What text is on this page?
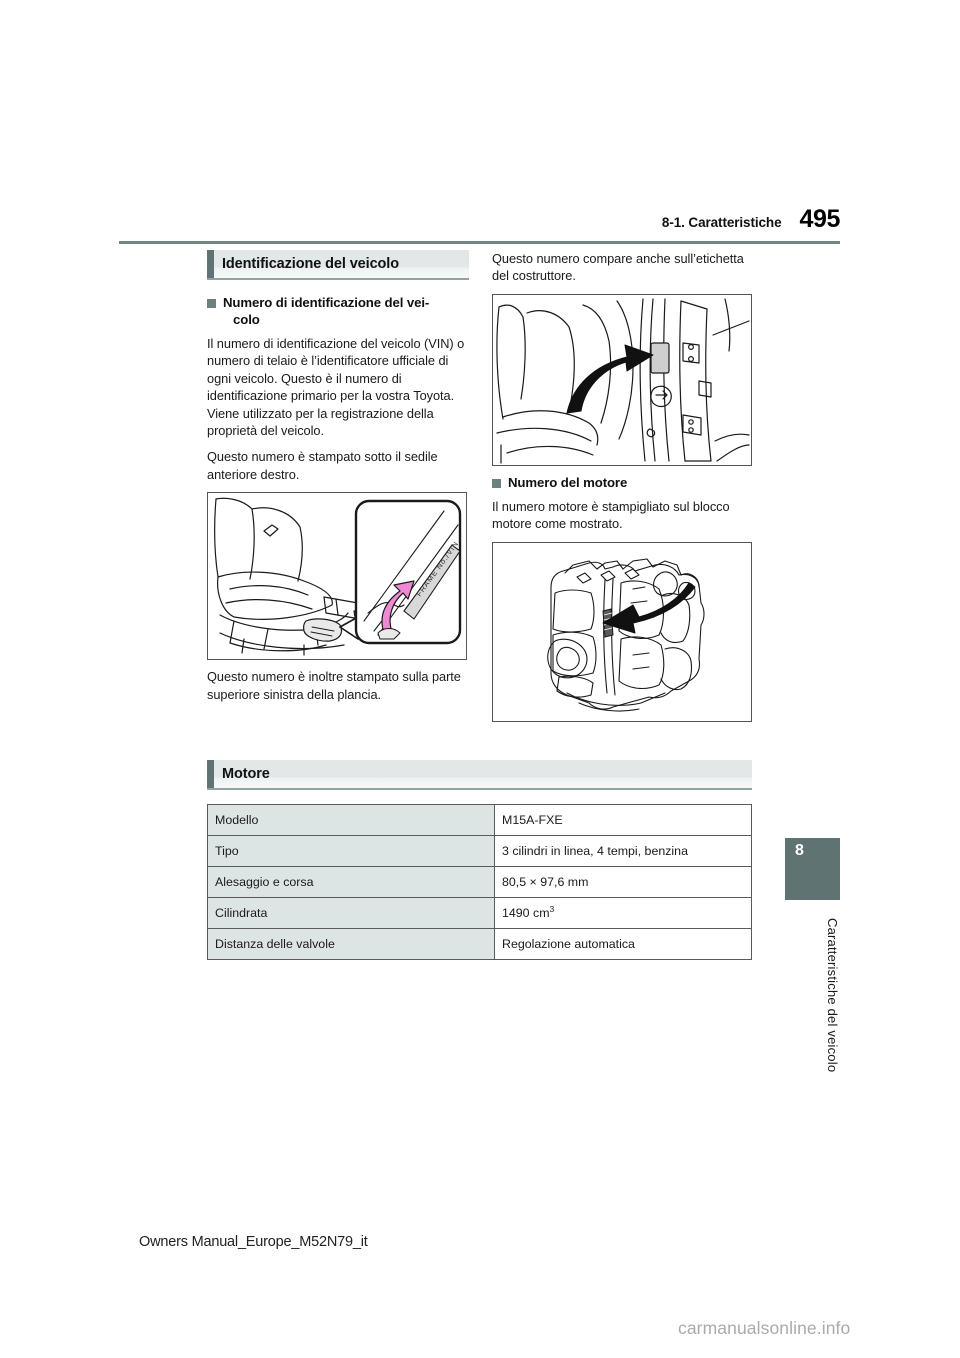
8-1. Caratteristiche 495
Identificazione del veicolo
Numero di identificazione del vei-
colo

Il numero di identificazione del veicolo (VIN) o numero di telaio è l’identificatore ufficiale di ogni veicolo. Questo è il numero di identificazione primario per la vostra Toyota. Viene utilizzato per la registrazione della proprietà del veicolo.

Questo numero è stampato sotto il sedile anteriore destro.

FRAME No./VIN

Questo numero è inoltre stampato sulla parte superiore sinistra della plancia.

Questo numero compare anche sull’etichetta del costruttore.

Numero del motore

Il numero motore è stampigliato sul blocco motore come mostrato.

Motore
Modello	M15A-FXE
Tipo	3 cilindri in linea, 4 tempi, benzina
Alesaggio e corsa	80,5 × 97,6 mm
Cilindrata	1490 $cm^3$
Distanza delle valvole	Regolazione automatica
8
Caratteristiche del veicolo
Owners Manual_Europe_M52N79_it
carmanualsonline.info
